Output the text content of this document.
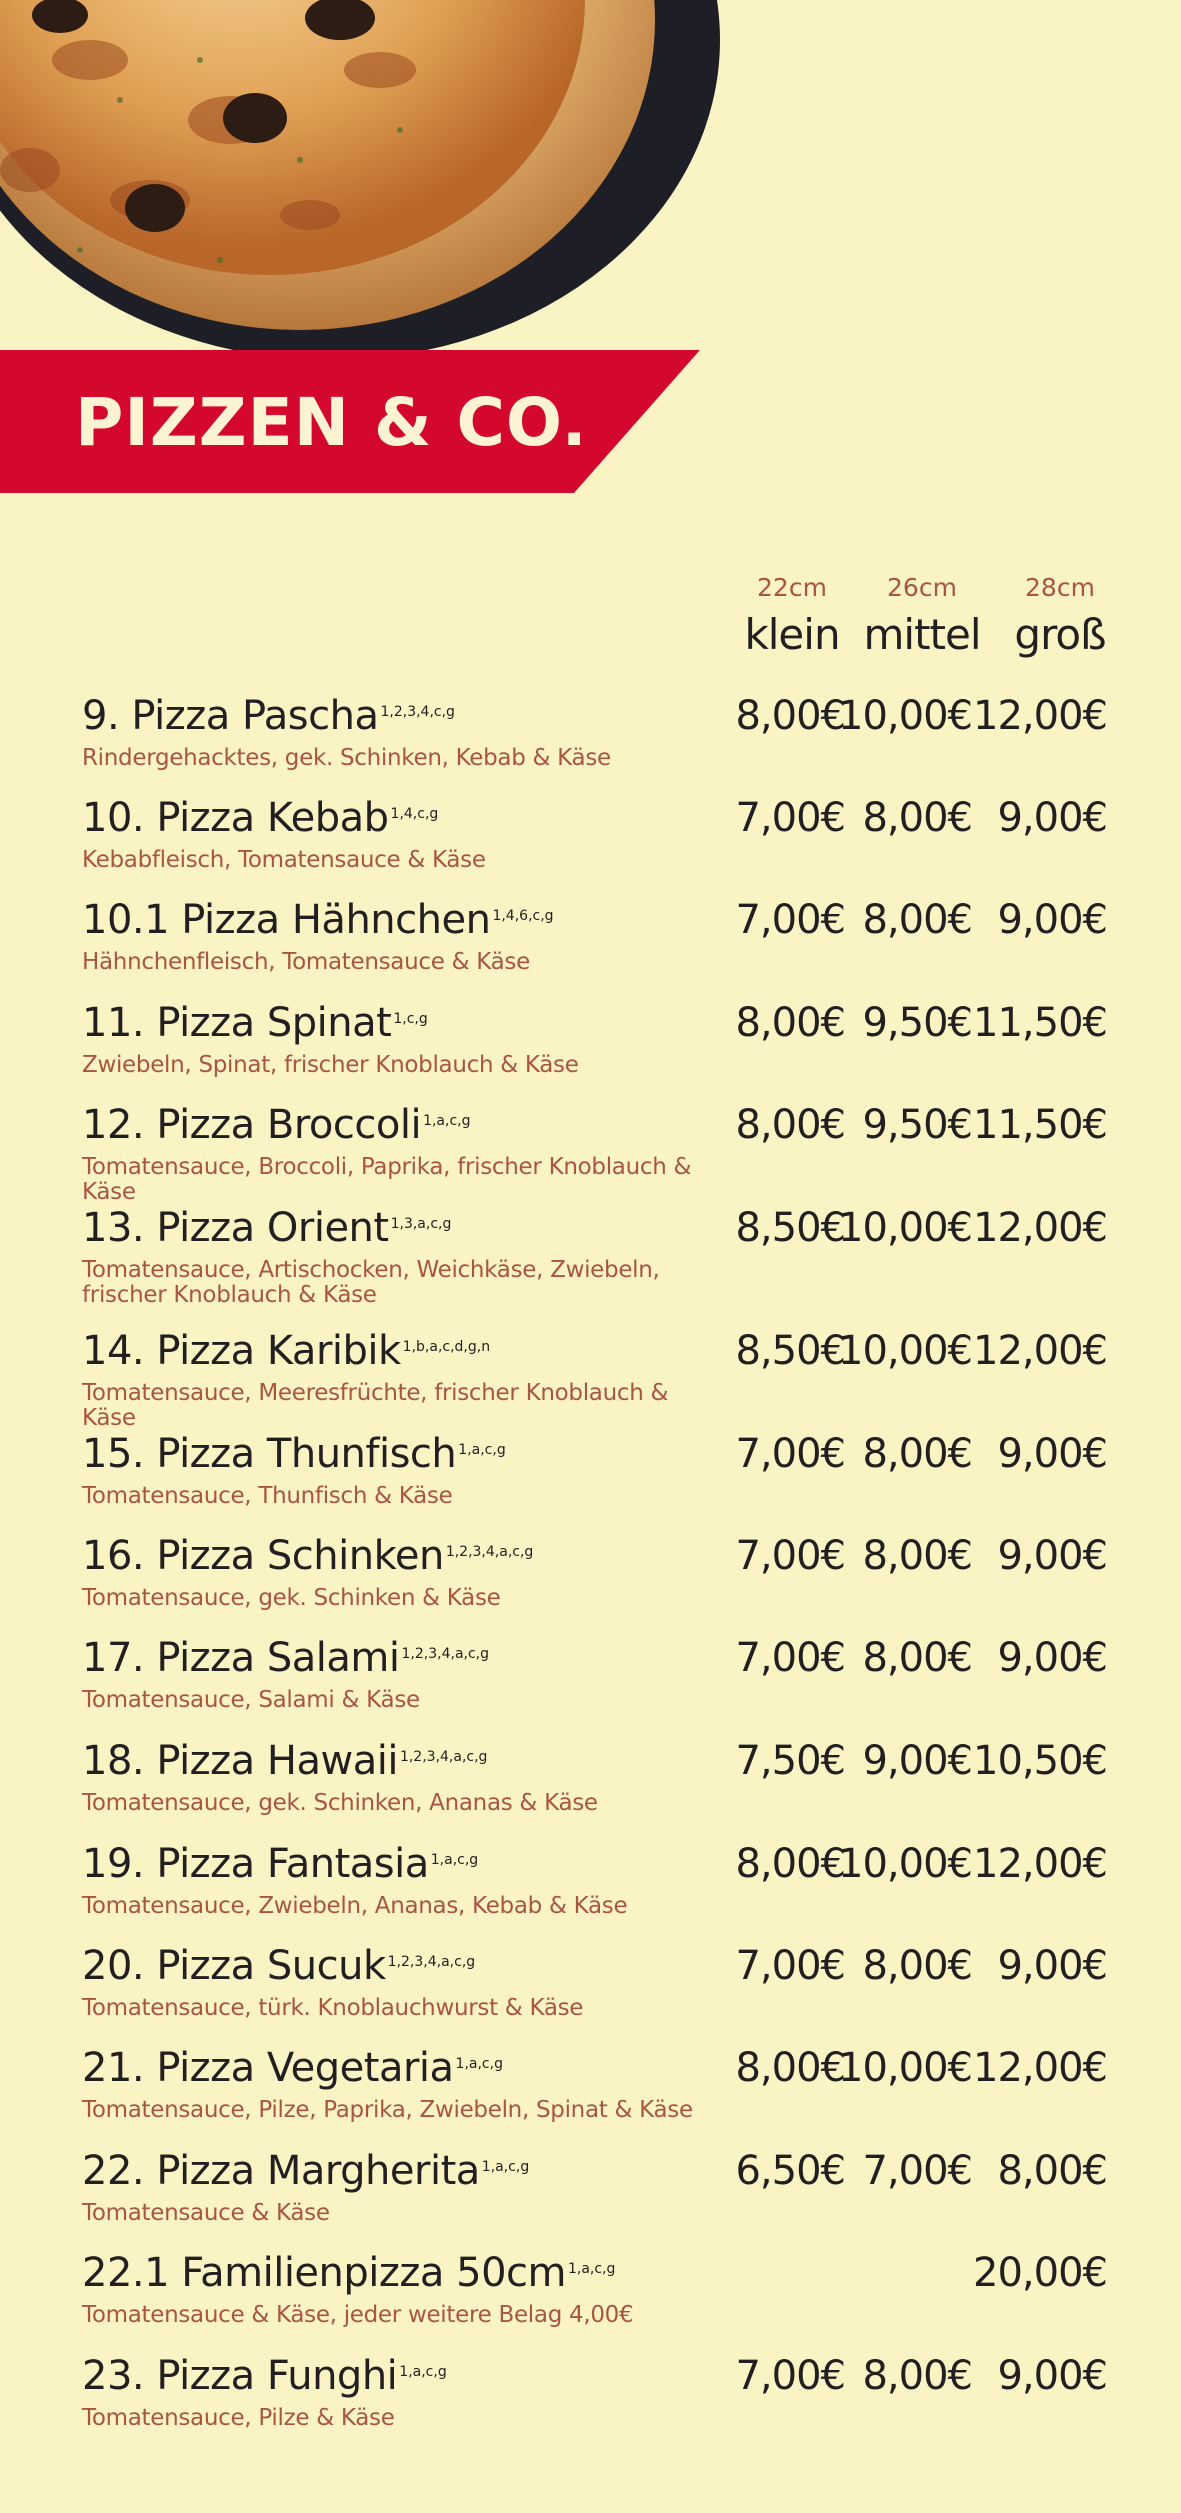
PIZZEN & CO.
22cm
klein
26cm
mittel
28cm
groß
9. Pizza Pascha $^{1,2,3,4,c,g}$
Rindergehacktes, gek. Schinken, Kebab & Käse
8,00€
10,00€ 12,00€
10. Pizza Kebab $^{1,4,c,g}$
Kebabfleisch, Tomatensauce & Käse
7,00€ 8,00€ 9,00€
10.1 Pizza Hähnchen $^{1,4,6,c,g}$
Hähnchenfleisch, Tomatensauce & Käse
7,00€ 8,00€ 9,00€
11. Pizza Spinat $^{1,c,g}$
Zwiebeln, Spinat, frischer Knoblauch & Käse
8,00€ 9,50€ 11,50€
12. Pizza Broccoli $^{1,a,c,g}$
Tomatensauce, Broccoli, Paprika, frischer Knoblauch & Käse
8,00€ 9,50€ 11,50€
13. Pizza Orient $^{1,3,a,c,g}$
Tomatensauce, Artischocken, Weichkäse, Zwiebeln, frischer Knoblauch & Käse
8,50€
10,00€ 12,00€
14. Pizza Karibik $^{1,b,a,c,d,g,n}$
Tomatensauce, Meeresfrüchte, frischer Knoblauch & Käse
8,50€
10,00€ 12,00€
15. Pizza Thunfisch $^{1,a,c,g}$
Tomatensauce, Thunfisch & Käse
7,00€ 8,00€ 9,00€
16. Pizza Schinken $^{1,2,3,4,a,c,g}$
Tomatensauce, gek. Schinken & Käse
7,00€ 8,00€ 9,00€
17. Pizza Salami $^{1,2,3,4,a,c,g}$
Tomatensauce, Salami & Käse
7,00€ 8,00€ 9,00€
18. Pizza Hawaii $^{1,2,3,4,a,c,g}$
Tomatensauce, gek. Schinken, Ananas & Käse
7,50€ 9,00€ 10,50€
19. Pizza Fantasia $^{1,a,c,g}$
Tomatensauce, Zwiebeln, Ananas, Kebab & Käse
8,00€
10,00€ 12,00€
20. Pizza Sucuk $^{1,2,3,4,a,c,g}$
Tomatensauce, türk. Knoblauchwurst & Käse
7,00€ 8,00€ 9,00€
21. Pizza Vegetaria $^{1,a,c,g}$
Tomatensauce, Pilze, Paprika, Zwiebeln, Spinat & Käse
8,00€
10,00€ 12,00€
22. Pizza Margherita $^{1,a,c,g}$
Tomatensauce & Käse
6,50€ 7,00€ 8,00€
22.1 Familienpizza 50cm $^{1,a,c,g}$
Tomatensauce & Käse, jeder weitere Belag 4,00€
20,00€
23. Pizza Funghi $^{1,a,c,g}$
Tomatensauce, Pilze & Käse
7,00€ 8,00€ 9,00€
